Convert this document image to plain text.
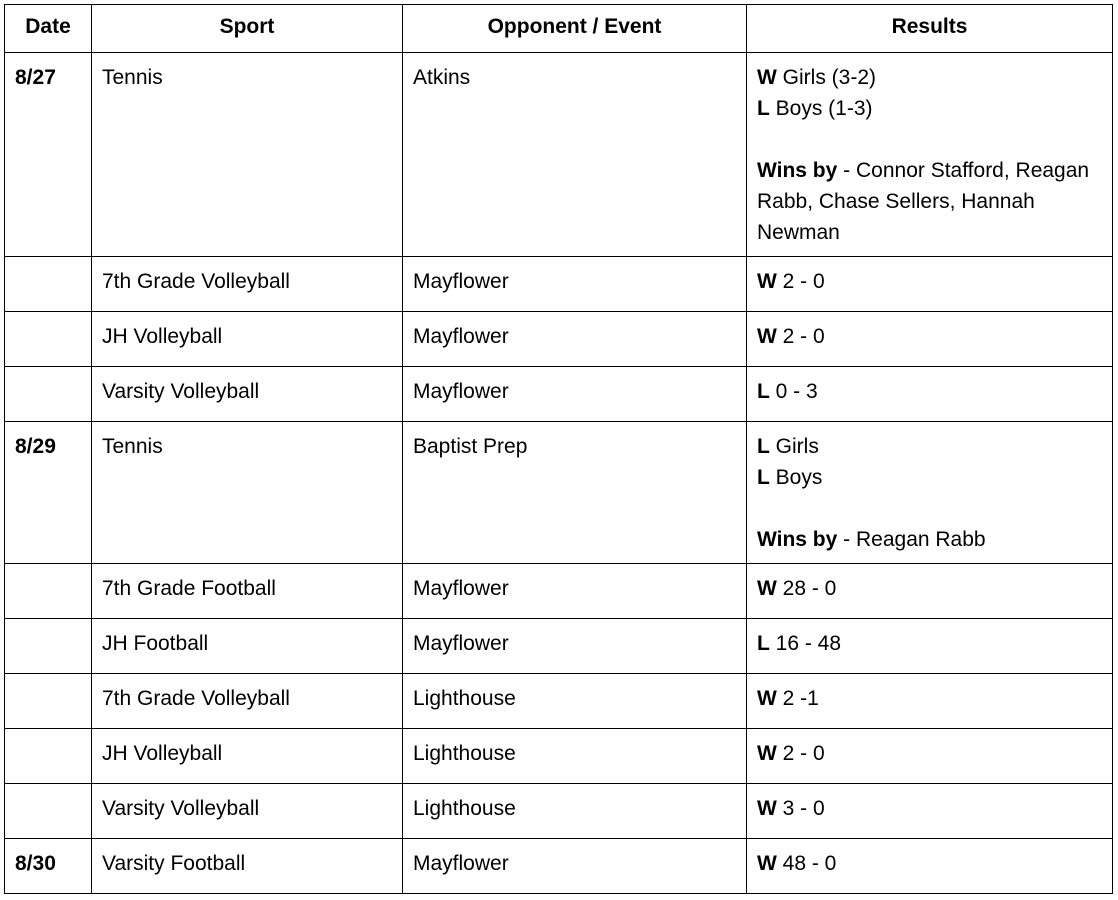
Date	Sport	Opponent / Event	Results
8/27	Tennis	Atkins	W Girls (3-2)
L Boys (1-3)
Wins by - Connor Stafford, Reagan Rabb, Chase Sellers, Hannah Newman

	7th Grade Volleyball	Mayflower	W 2 - 0

	JH Volleyball	Mayflower	W 2 - 0

	Varsity Volleyball	Mayflower	L 0 - 3

8/29	Tennis	Baptist Prep	L Girls
L Boys
Wins by - Reagan Rabb

	7th Grade Football	Mayflower	W 28 - 0

	JH Football	Mayflower	L 16 - 48

	7th Grade Volleyball	Lighthouse	W 2 -1

	JH Volleyball	Lighthouse	W 2 - 0

	Varsity Volleyball	Lighthouse	W 3 - 0

8/30	Varsity Football	Mayflower	W 48 - 0
